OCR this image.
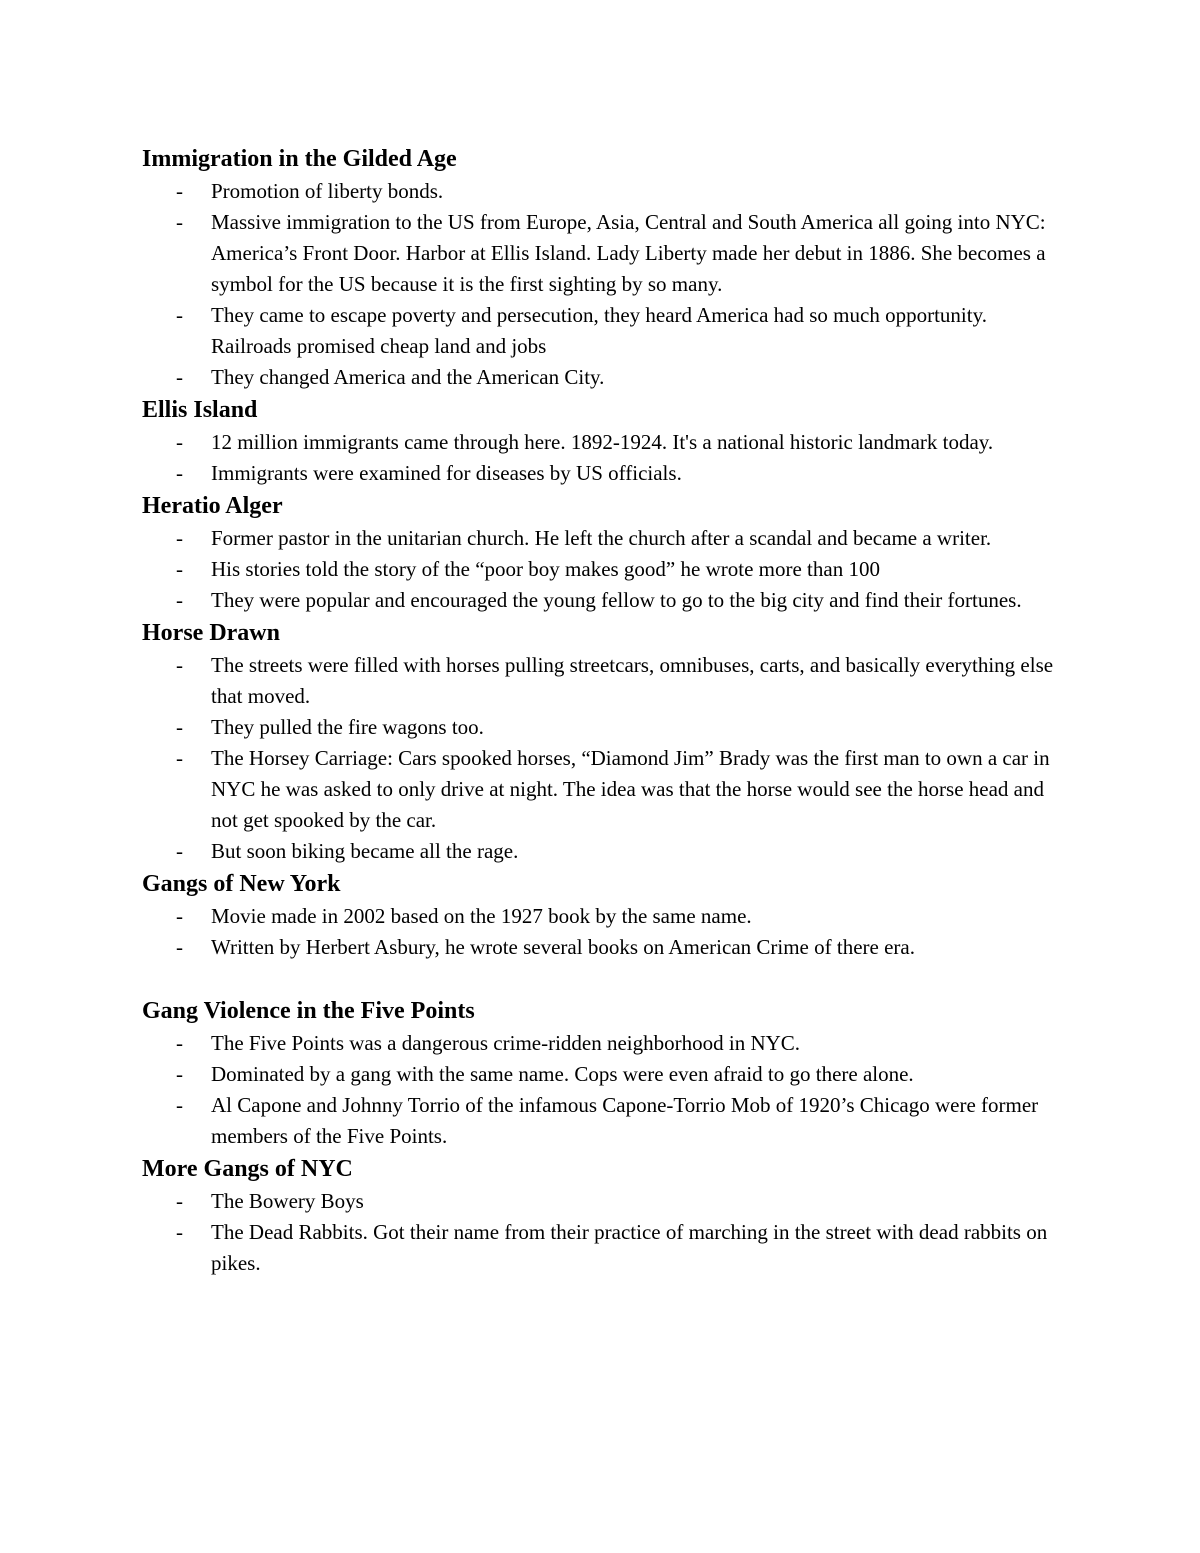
Immigration in the Gilded Age
- Promotion of liberty bonds.
- Massive immigration to the US from Europe, Asia, Central and South America all going into NYC: America’s Front Door. Harbor at Ellis Island. Lady Liberty made her debut in 1886. She becomes a symbol for the US because it is the first sighting by so many.
- They came to escape poverty and persecution, they heard America had so much opportunity. Railroads promised cheap land and jobs
- They changed America and the American City.
Ellis Island
- 12 million immigrants came through here. 1892-1924. It's a national historic landmark today.
- Immigrants were examined for diseases by US officials.
Heratio Alger
- Former pastor in the unitarian church. He left the church after a scandal and became a writer.
- His stories told the story of the “poor boy makes good” he wrote more than 100
- They were popular and encouraged the young fellow to go to the big city and find their fortunes.
Horse Drawn
- The streets were filled with horses pulling streetcars, omnibuses, carts, and basically everything else that moved.
- They pulled the fire wagons too.
- The Horsey Carriage: Cars spooked horses, “Diamond Jim” Brady was the first man to own a car in NYC he was asked to only drive at night. The idea was that the horse would see the horse head and not get spooked by the car.
- But soon biking became all the rage.
Gangs of New York
- Movie made in 2002 based on the 1927 book by the same name.
- Written by Herbert Asbury, he wrote several books on American Crime of there era.
Gang Violence in the Five Points
- The Five Points was a dangerous crime-ridden neighborhood in NYC.
- Dominated by a gang with the same name. Cops were even afraid to go there alone.
- Al Capone and Johnny Torrio of the infamous Capone-Torrio Mob of 1920’s Chicago were former members of the Five Points.
More Gangs of NYC
- The Bowery Boys
- The Dead Rabbits. Got their name from their practice of marching in the street with dead rabbits on pikes.
